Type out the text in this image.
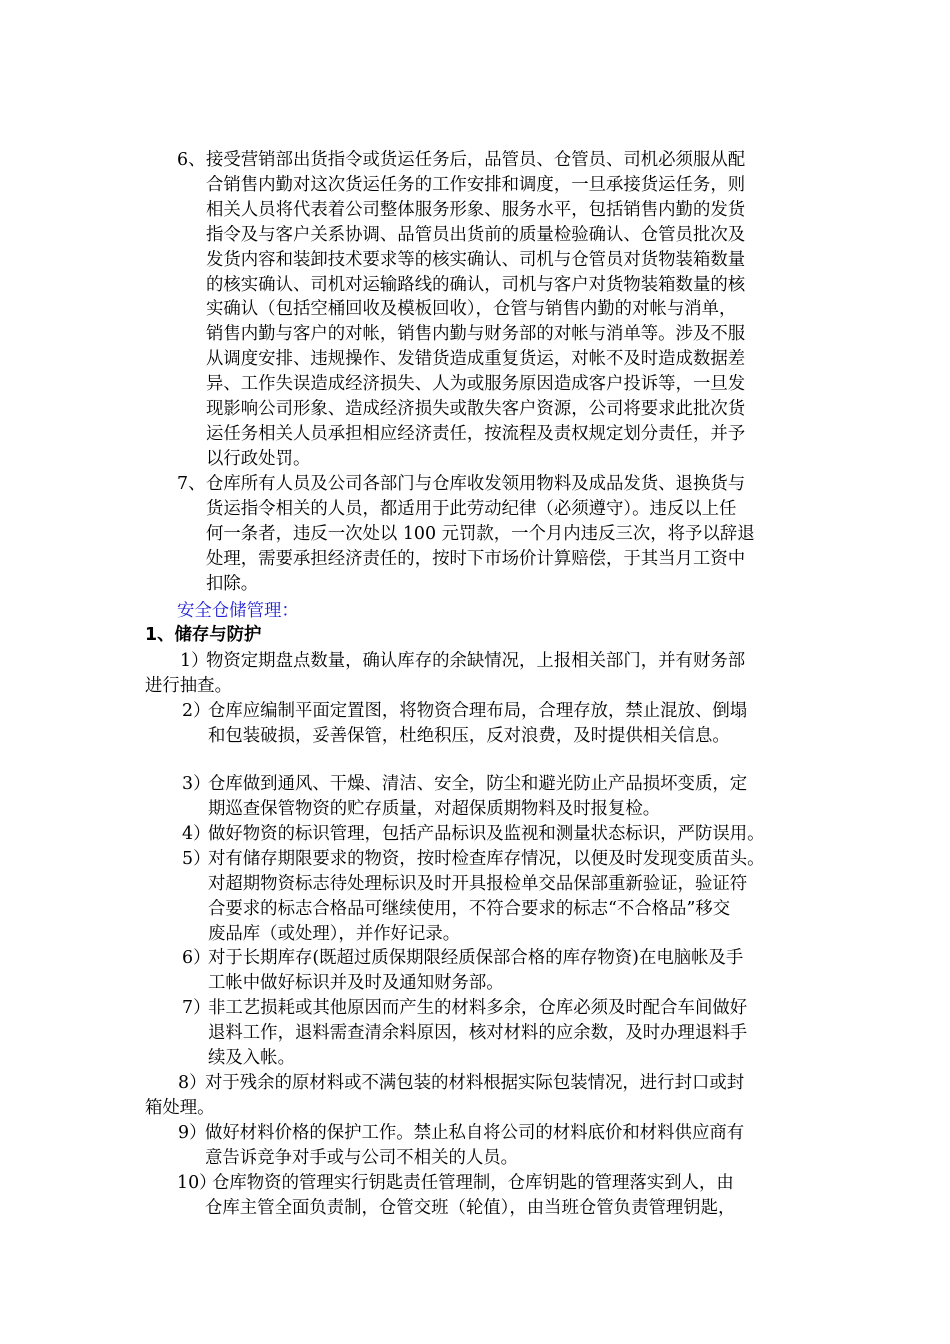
6、接受营销部出货指令或货运任务后，品管员、仓管员、司机必须服从配
合销售内勤对这次货运任务的工作安排和调度，一旦承接货运任务，则
相关人员将代表着公司整体服务形象、服务水平，包括销售内勤的发货
指令及与客户关系协调、品管员出货前的质量检验确认、仓管员批次及
发货内容和装卸技术要求等的核实确认、司机与仓管员对货物装箱数量
的核实确认、司机对运输路线的确认，司机与客户对货物装箱数量的核
实确认（包括空桶回收及模板回收），仓管与销售内勤的对帐与消单，
销售内勤与客户的对帐，销售内勤与财务部的对帐与消单等。涉及不服
从调度安排、违规操作、发错货造成重复货运，对帐不及时造成数据差
异、工作失误造成经济损失、人为或服务原因造成客户投诉等，一旦发
现影响公司形象、造成经济损失或散失客户资源，公司将要求此批次货
运任务相关人员承担相应经济责任，按流程及责权规定划分责任，并予
以行政处罚。
7、仓库所有人员及公司各部门与仓库收发领用物料及成品发货、退换货与
货运指令相关的人员，都适用于此劳动纪律（必须遵守）。违反以上任
何一条者，违反一次处以 100 元罚款，一个月内违反三次，将予以辞退
处理，需要承担经济责任的，按时下市场价计算赔偿，于其当月工资中
扣除。
安全仓储管理：
1、储存与防护
1）物资定期盘点数量，确认库存的余缺情况，上报相关部门，并有财务部
进行抽查。
2）仓库应编制平面定置图，将物资合理布局，合理存放，禁止混放、倒塌
和包装破损，妥善保管，杜绝积压，反对浪费，及时提供相关信息。
3）仓库做到通风、干燥、清洁、安全，防尘和避光防止产品损坏变质，定
期巡查保管物资的贮存质量，对超保质期物料及时报复检。
4）做好物资的标识管理，包括产品标识及监视和测量状态标识，严防误用。
5）对有储存期限要求的物资，按时检查库存情况，以便及时发现变质苗头。
对超期物资标志待处理标识及时开具报检单交品保部重新验证，验证符
合要求的标志合格品可继续使用，不符合要求的标志“不合格品”移交
废品库（或处理），并作好记录。
6）对于长期库存(既超过质保期限经质保部合格的库存物资)在电脑帐及手
工帐中做好标识并及时及通知财务部。
7）非工艺损耗或其他原因而产生的材料多余，仓库必须及时配合车间做好
退料工作，退料需查清余料原因，核对材料的应余数，及时办理退料手
续及入帐。
8）对于残余的原材料或不满包装的材料根据实际包装情况，进行封口或封
箱处理。
9）做好材料价格的保护工作。禁止私自将公司的材料底价和材料供应商有
意告诉竞争对手或与公司不相关的人员。
10）仓库物资的管理实行钥匙责任管理制，仓库钥匙的管理落实到人，由
仓库主管全面负责制，仓管交班（轮值），由当班仓管负责管理钥匙，
